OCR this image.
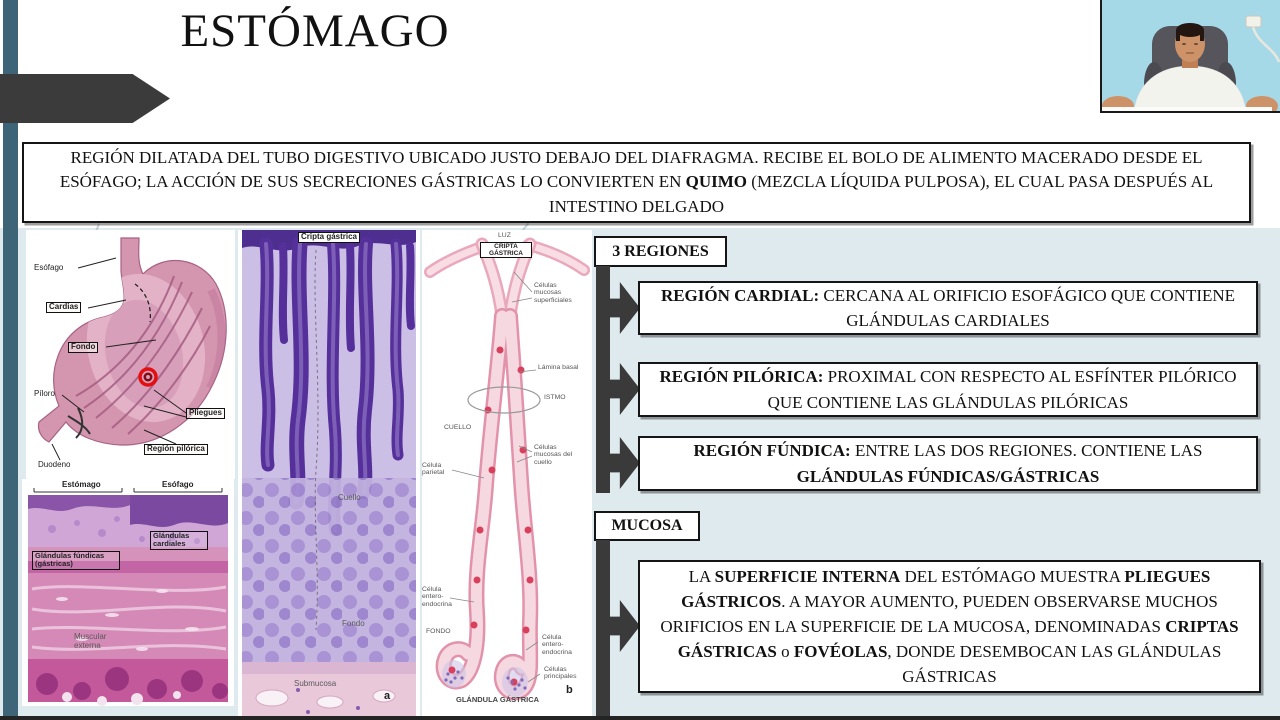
ESTÓMAGO

REGIÓN DILATADA DEL TUBO DIGESTIVO UBICADO JUSTO DEBAJO DEL DIAFRAGMA. RECIBE EL BOLO DE ALIMENTO MACERADO DESDE EL ESÓFAGO; LA ACCIÓN DE SUS SECRECIONES GÁSTRICAS LO CONVIERTEN EN QUIMO (MEZCLA LÍQUIDA PULPOSA), EL CUAL PASA DESPUÉS AL INTESTINO DELGADO

Esófago
Cardias
Fondo
Píloro
Pliegues
Región pilórica
Duodeno
Estómago	Esófago
Glándulas fúndicas (gástricas)
Glándulas cardiales
Muscular externa
Cripta gástrica
Cuello
Fondo
Submucosa
a
LUZ
CRIPTA GÁSTRICA
Células mucosas superficiales
Lámina basal
ISTMO
CUELLO
Células mucosas del cuello
Célula parietal
Célula entero-endocrina
FONDO
Célula entero-endocrina
Células principales
GLÁNDULA GÁSTRICA
b
3 REGIONES

REGIÓN CARDIAL: CERCANA AL ORIFICIO ESOFÁGICO QUE CONTIENE GLÁNDULAS CARDIALES

REGIÓN PILÓRICA: PROXIMAL CON RESPECTO AL ESFÍNTER PILÓRICO QUE CONTIENE LAS GLÁNDULAS PILÓRICAS

REGIÓN FÚNDICA: ENTRE LAS DOS REGIONES. CONTIENE LAS GLÁNDULAS FÚNDICAS/GÁSTRICAS

MUCOSA

LA SUPERFICIE INTERNA DEL ESTÓMAGO MUESTRA PLIEGUES GÁSTRICOS. A MAYOR AUMENTO, PUEDEN OBSERVARSE MUCHOS ORIFICIOS EN LA SUPERFICIE DE LA MUCOSA, DENOMINADAS CRIPTAS GÁSTRICAS o FOVÉOLAS, DONDE DESEMBOCAN LAS GLÁNDULAS GÁSTRICAS
